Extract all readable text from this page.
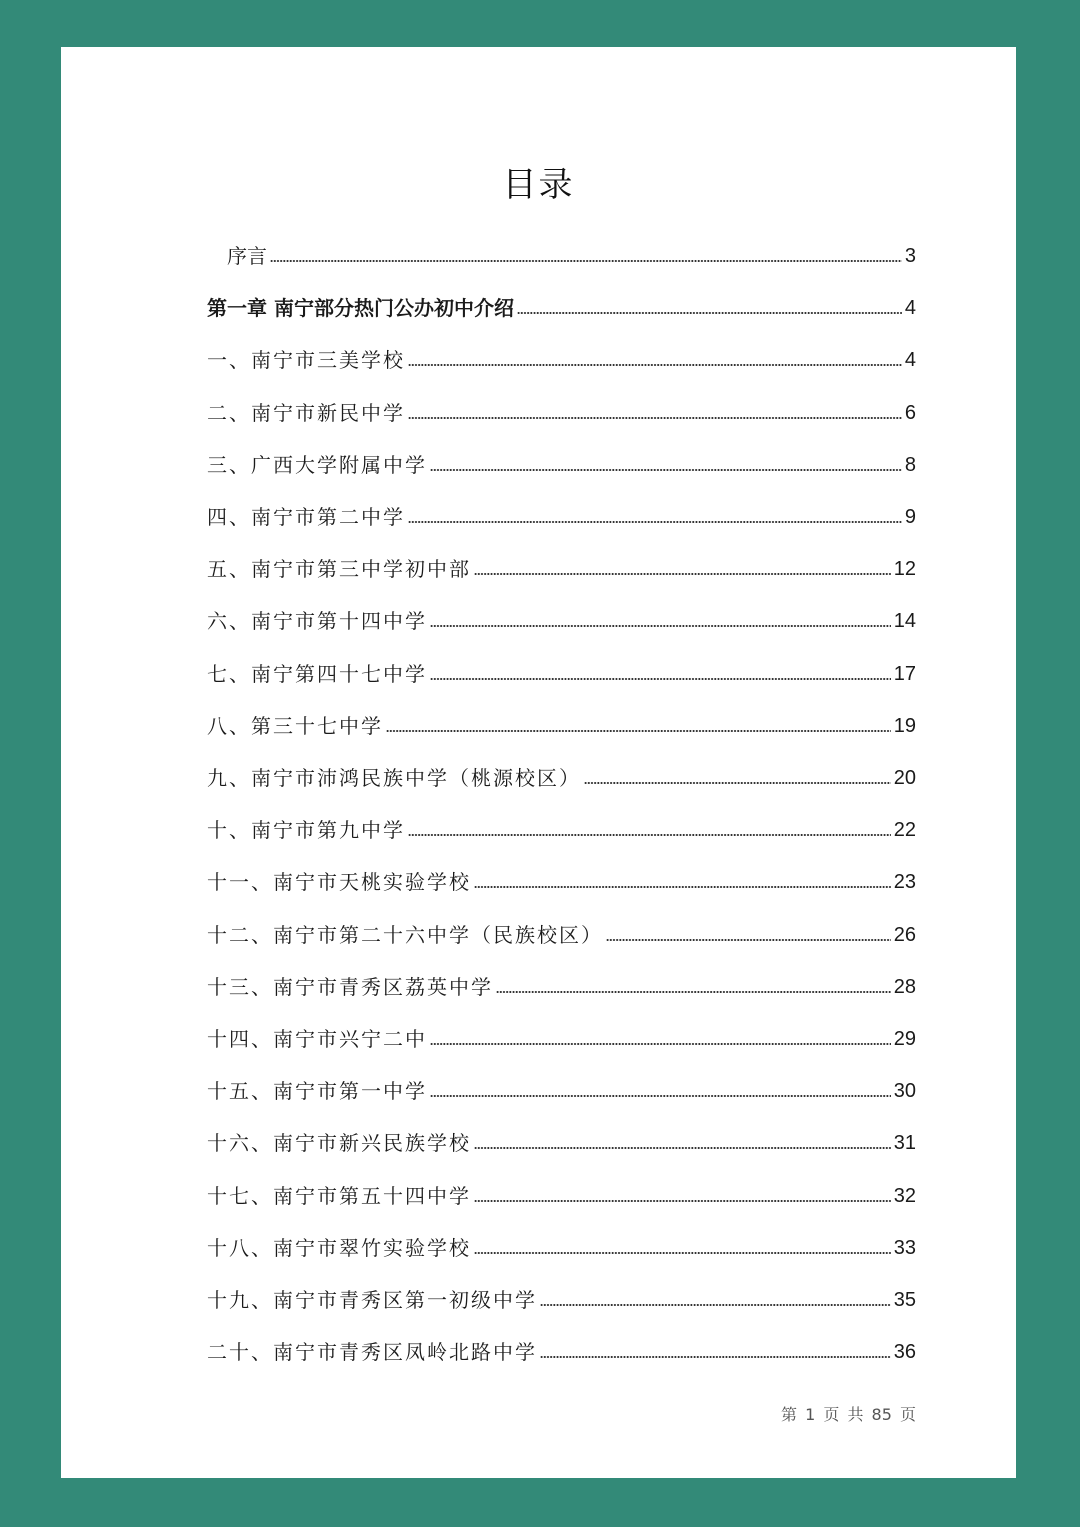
目录
序言	3
第一章 南宁部分热门公办初中介绍	4
一、南宁市三美学校	4
二、南宁市新民中学	6
三、广西大学附属中学	8
四、南宁市第二中学	9
五、南宁市第三中学初中部	12
六、南宁市第十四中学	14
七、南宁第四十七中学	17
八、第三十七中学	19
九、南宁市沛鸿民族中学（桃源校区）	20
十、南宁市第九中学	22
十一、南宁市天桃实验学校	23
十二、南宁市第二十六中学（民族校区）	26
十三、南宁市青秀区荔英中学	28
十四、南宁市兴宁二中	29
十五、南宁市第一中学	30
十六、南宁市新兴民族学校	31
十七、南宁市第五十四中学	32
十八、南宁市翠竹实验学校	33
十九、南宁市青秀区第一初级中学	35
二十、南宁市青秀区凤岭北路中学	36
第 1 页 共 85 页
